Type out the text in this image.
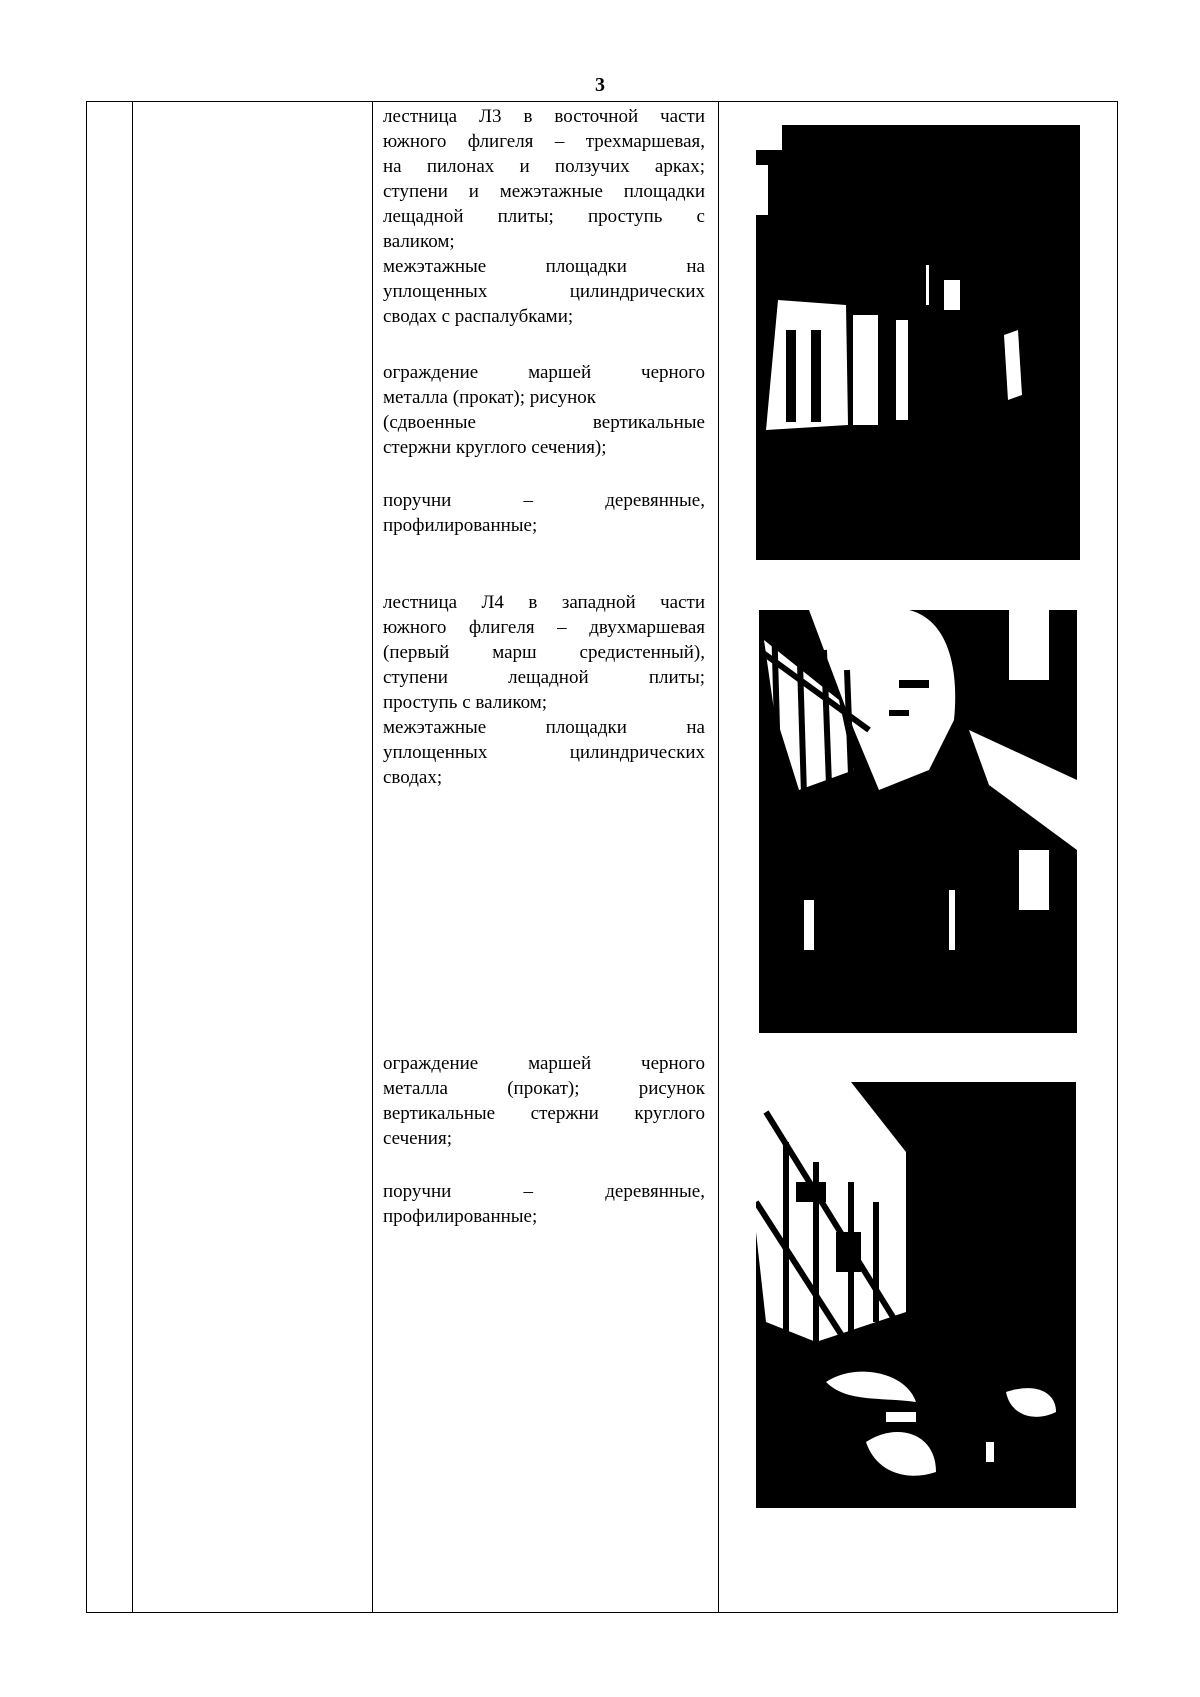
3

лестница Л3 в восточной части

южного флигеля – трехмаршевая,

на пилонах и ползучих арках;

ступени и межэтажные площадки

лещадной плиты; проступь с

валиком;

межэтажные площадки на

уплощенных цилиндрических

сводах с распалубками;

ограждение маршей черного

металла (прокат); рисунок

(сдвоенные вертикальные

стержни круглого сечения);

поручни – деревянные,

профилированные;

лестница Л4 в западной части

южного флигеля – двухмаршевая

(первый марш средистенный),

ступени лещадной плиты;

проступь с валиком;

межэтажные площадки на

уплощенных цилиндрических

сводах;

ограждение маршей черного

металла (прокат); рисунок

вертикальные стержни круглого

сечения;

поручни – деревянные,

профилированные;
